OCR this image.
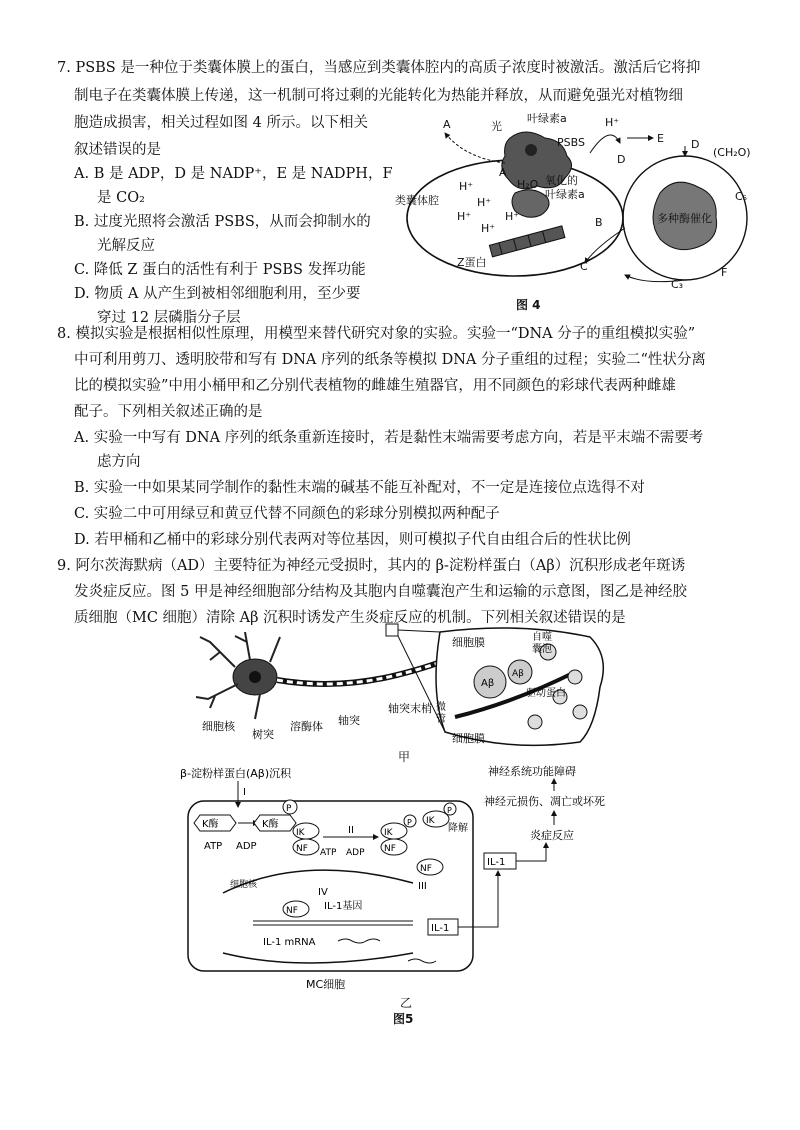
7. PSBS 是一种位于类囊体膜上的蛋白，当感应到类囊体腔内的高质子浓度时被激活。激活后它将抑
制电子在类囊体膜上传递，这一机制可将过剩的光能转化为热能并释放，从而避免强光对植物细
胞造成损害，相关过程如图 4 所示。以下相关
叙述错误的是
A. B 是 ADP，D 是 NADP⁺，E 是 NADPH，F
是 CO₂
B. 过度光照将会激活 PSBS，从而会抑制水的
光解反应
C. 降低 Z 蛋白的活性有利于 PSBS 发挥功能
D. 物质 A 从产生到被相邻细胞利用，至少要
穿过 12 层磷脂分子层
光
叶绿素a
PSBS
A
A
H₂O 氧化的
叶绿素a
类囊体腔
H⁺
H⁺
H⁺
H⁺
H⁺
H⁺
Z蛋白
B
C
D
E D
(CH₂O)
C₅
C₃
F
多种酶催化
图 4
8. 模拟实验是根据相似性原理，用模型来替代研究对象的实验。实验一“DNA 分子的重组模拟实验”
中可利用剪刀、透明胶带和写有 DNA 序列的纸条等模拟 DNA 分子重组的过程；实验二“性状分离
比的模拟实验”中用小桶甲和乙分别代表植物的雌雄生殖器官，用不同颜色的彩球代表两种雌雄
配子。下列相关叙述正确的是
A. 实验一中写有 DNA 序列的纸条重新连接时，若是黏性末端需要考虑方向，若是平末端不需要考
虑方向
B. 实验一中如果某同学制作的黏性末端的碱基不能互补配对，不一定是连接位点选得不对
C. 实验二中可用绿豆和黄豆代替不同颜色的彩球分别模拟两种配子
D. 若甲桶和乙桶中的彩球分别代表两对等位基因，则可模拟子代自由组合后的性状比例
9. 阿尔茨海默病（AD）主要特征为神经元受损时，其内的 β-淀粉样蛋白（Aβ）沉积形成老年斑诱
发炎症反应。图 5 甲是神经细胞部分结构及其胞内自噬囊泡产生和运输的示意图，图乙是神经胶
质细胞（MC 细胞）清除 Aβ 沉积时诱发产生炎症反应的机制。下列相关叙述错误的是
Aβ
Aβ
细胞膜	自噬
囊泡
驱动蛋白
微
管
细胞膜
细胞核
树突
溶酶体 轴突
轴突末梢
甲
β-淀粉样蛋白(Aβ)沉积
I
K酶	K酶
P
ATP ADP
IK
NF
II
ATP ADP
IK
NF
P IK
P
降解
NF
III
细胞核
NF
IV
IL-1基因
IL-1 mRNA
IL-1
IL-1
炎症反应
神经元损伤、凋亡或坏死
神经系统功能障碍
MC细胞
乙
图5
